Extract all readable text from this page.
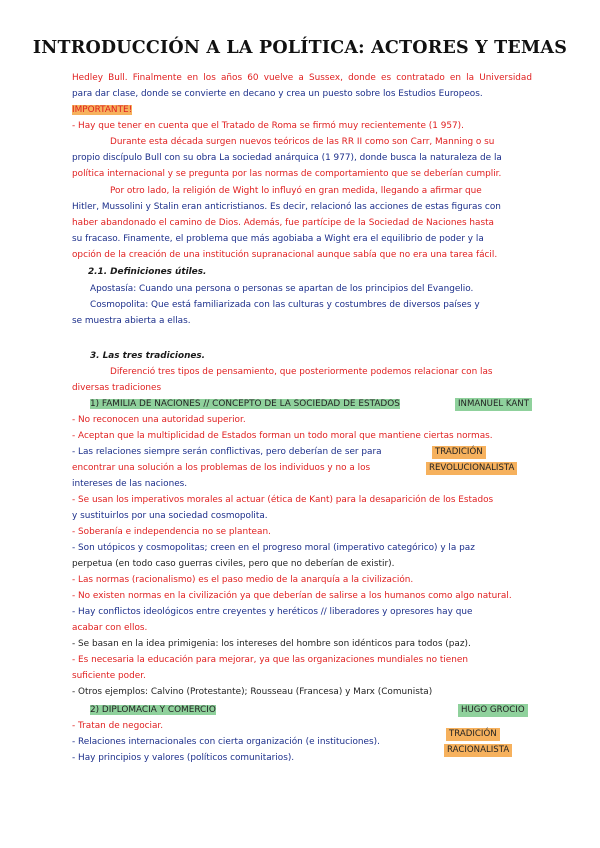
INTRODUCCIÓN A LA POLÍTICA: ACTORES Y TEMAS
Hedley Bull. Finalmente en los años 60 vuelve a Sussex, donde es contratado en la Universidad
para dar clase, donde se convierte en decano y crea un puesto sobre los Estudios Europeos.
IMPORTANTE!
- Hay que tener en cuenta que el Tratado de Roma se firmó muy recientemente (1 957).
Durante esta década surgen nuevos teóricos de las RR II como son Carr, Manning o su
propio discípulo Bull con su obra La sociedad anárquica (1 977), donde busca la naturaleza de la
política internacional y se pregunta por las normas de comportamiento que se deberían cumplir.
Por otro lado, la religión de Wight lo influyó en gran medida, llegando a afirmar que
Hitler, Mussolini y Stalin eran anticristianos. Es decir, relacionó las acciones de estas figuras con
haber abandonado el camino de Dios. Además, fue partícipe de la Sociedad de Naciones hasta
su fracaso. Finamente, el problema que más agobiaba a Wight era el equilibrio de poder y la
opción de la creación de una institución supranacional aunque sabía que no era una tarea fácil.
2.1. Definiciones útiles.
Apostasía: Cuando una persona o personas se apartan de los principios del Evangelio.
Cosmopolita: Que está familiarizada con las culturas y costumbres de diversos países y
se muestra abierta a ellas.
3. Las tres tradiciones.
Diferenció tres tipos de pensamiento, que posteriormente podemos relacionar con las
diversas tradiciones
1) FAMILIA DE NACIONES // CONCEPTO DE LA SOCIEDAD DE ESTADOS	INMANUEL KANT
- No reconocen una autoridad superior.
- Aceptan que la multiplicidad de Estados forman un todo moral que mantiene ciertas normas.
- Las relaciones siempre serán conflictivas, pero deberían de ser para
encontrar una solución a los problemas de los individuos y no a los
intereses de las naciones.
TRADICIÓN
REVOLUCIONALISTA
- Se usan los imperativos morales al actuar (ética de Kant) para la desaparición de los Estados
y sustituirlos por una sociedad cosmopolita.
- Soberanía e independencia no se plantean.
- Son utópicos y cosmopolitas; creen en el progreso moral (imperativo categórico) y la paz
perpetua (en todo caso guerras civiles, pero que no deberían de existir).
- Las normas (racionalismo) es el paso medio de la anarquía a la civilización.
- No existen normas en la civilización ya que deberían de salirse a los humanos como algo natural.
- Hay conflictos ideológicos entre creyentes y heréticos // liberadores y opresores hay que
acabar con ellos.
- Se basan en la idea primigenia: los intereses del hombre son idénticos para todos (paz).
- Es necesaria la educación para mejorar, ya que las organizaciones mundiales no tienen
suficiente poder.
- Otros ejemplos: Calvino (Protestante); Rousseau (Francesa) y Marx (Comunista)
2) DIPLOMACIA Y COMERCIO	HUGO GROCIO
- Tratan de negociar.
- Relaciones internacionales con cierta organización (e instituciones).
- Hay principios y valores (políticos comunitarios).
TRADICIÓN
RACIONALISTA
